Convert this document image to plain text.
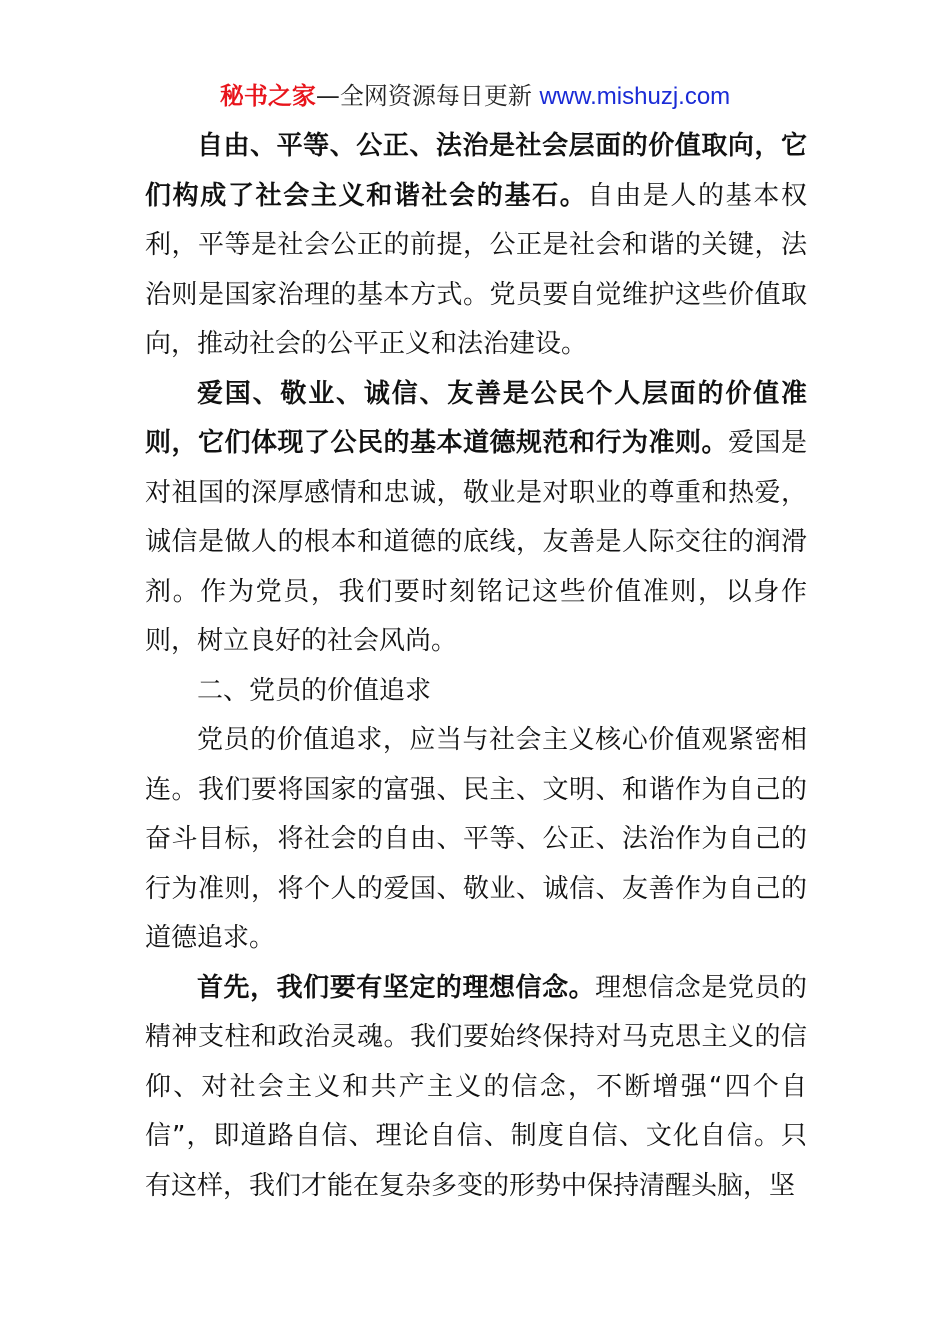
秘书之家—全网资源每日更新 www.mishuzj.com

自由、平等、公正、法治是社会层面的价值取向，它们构成了社会主义和谐社会的基石。自由是人的基本权利，平等是社会公正的前提，公正是社会和谐的关键，法治则是国家治理的基本方式。党员要自觉维护这些价值取向，推动社会的公平正义和法治建设。

爱国、敬业、诚信、友善是公民个人层面的价值准则，它们体现了公民的基本道德规范和行为准则。爱国是对祖国的深厚感情和忠诚，敬业是对职业的尊重和热爱，诚信是做人的根本和道德的底线，友善是人际交往的润滑剂。作为党员，我们要时刻铭记这些价值准则，以身作则，树立良好的社会风尚。

二、党员的价值追求

党员的价值追求，应当与社会主义核心价值观紧密相连。我们要将国家的富强、民主、文明、和谐作为自己的奋斗目标，将社会的自由、平等、公正、法治作为自己的行为准则，将个人的爱国、敬业、诚信、友善作为自己的道德追求。

首先，我们要有坚定的理想信念。理想信念是党员的精神支柱和政治灵魂。我们要始终保持对马克思主义的信仰、对社会主义和共产主义的信念，不断增强“四个自信”，即道路自信、理论自信、制度自信、文化自信。只有这样，我们才能在复杂多变的形势中保持清醒头脑，坚
